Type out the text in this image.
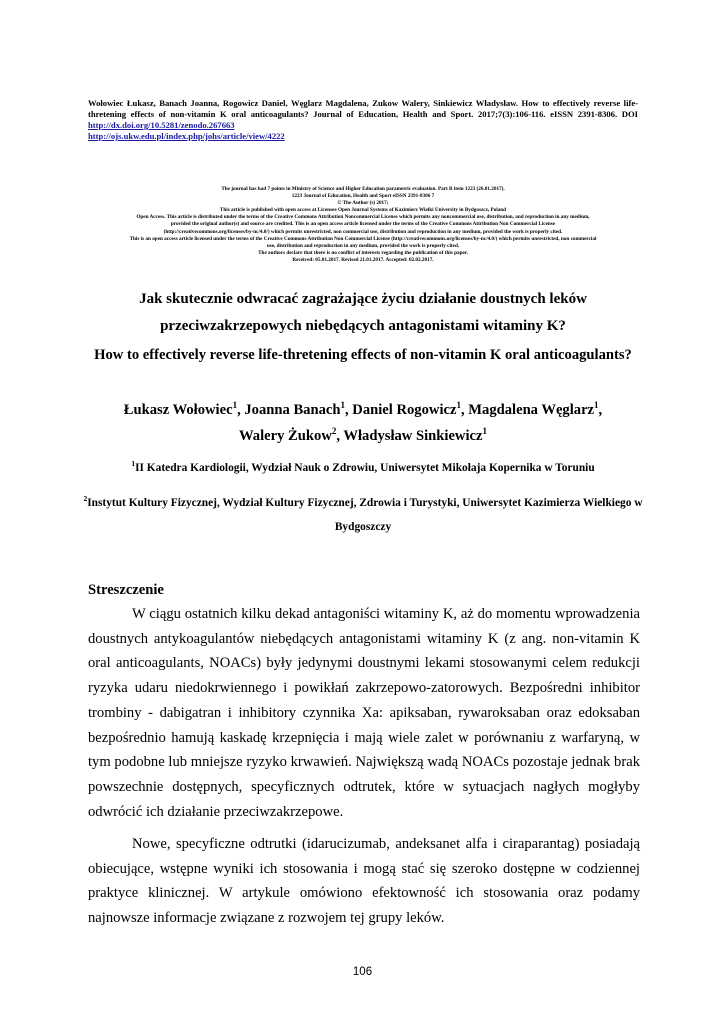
Wołowiec Łukasz, Banach Joanna, Rogowicz Daniel, Węglarz Magdalena, Zukow Walery, Sinkiewicz Władysław. How to effectively reverse life-thretening effects of non-vitamin K oral anticoagulants? Journal of Education, Health and Sport. 2017;7(3):106-116. eISSN 2391-8306. DOI http://dx.doi.org/10.5281/zenodo.267663
http://ojs.ukw.edu.pl/index.php/johs/article/view/4222
The journal has had 7 points in Ministry of Science and Higher Education parametric evaluation. Part B item 1223 (26.01.2017).
1223 Journal of Education, Health and Sport eISSN 2391-8306 7
© The Author (s) 2017;
This article is published with open access at Licensee Open Journal Systems of Kazimierz Wielki University in Bydgoszcz, Poland
Open Access. This article is distributed under the terms of the Creative Commons Attribution Noncommercial License which permits any noncommercial use, distribution, and reproduction in any medium,
provided the original author(s) and source are credited. This is an open access article licensed under the terms of the Creative Commons Attribution Non Commercial License
(http://creativecommons.org/licenses/by-nc/4.0/) which permits unrestricted, non commercial use, distribution and reproduction in any medium, provided the work is properly cited.
This is an open access article licensed under the terms of the Creative Commons Attribution Non Commercial License (http://creativecommons.org/licenses/by-nc/4.0/) which permits unrestricted, non commercial
use, distribution and reproduction in any medium, provided the work is properly cited.
The authors declare that there is no conflict of interests regarding the publication of this paper.
Received: 05.01.2017. Revised 21.01.2017. Accepted: 02.02.2017.
Jak skutecznie odwracać zagrażające życiu działanie doustnych leków przeciwzakrzepowych niebędących antagonistami witaminy K?
How to effectively reverse life-thretening effects of non-vitamin K oral anticoagulants?
Łukasz Wołowiec$^1$, Joanna Banach$^1$, Daniel Rogowicz$^1$, Magdalena Węglarz$^1$,
Walery Żukow$^2$, Władysław Sinkiewicz$^1$
$^1$II Katedra Kardiologii, Wydział Nauk o Zdrowiu, Uniwersytet Mikołaja Kopernika w Toruniu
$^2$Instytut Kultury Fizycznej, Wydział Kultury Fizycznej, Zdrowia i Turystyki, Uniwersytet Kazimierza Wielkiego w Bydgoszczy
Streszczenie
W ciągu ostatnich kilku dekad antagoniści witaminy K, aż do momentu wprowadzenia doustnych antykoagulantów niebędących antagonistami witaminy K (z ang. non-vitamin K oral anticoagulants, NOACs) były jedynymi doustnymi lekami stosowanymi celem redukcji ryzyka udaru niedokrwiennego i powikłań zakrzepowo-zatorowych. Bezpośredni inhibitor trombiny - dabigatran i inhibitory czynnika Xa: apiksaban, rywaroksaban oraz edoksaban bezpośrednio hamują kaskadę krzepnięcia i mają wiele zalet w porównaniu z warfaryną, w tym podobne lub mniejsze ryzyko krwawień. Największą wadą NOACs pozostaje jednak brak powszechnie dostępnych, specyficznych odtrutek, które w sytuacjach nagłych mogłyby odwrócić ich działanie przeciwzakrzepowe.
Nowe, specyficzne odtrutki (idarucizumab, andeksanet alfa i ciraparantag) posiadają obiecujące, wstępne wyniki ich stosowania i mogą stać się szeroko dostępne w codziennej praktyce klinicznej. W artykule omówiono efektowność ich stosowania oraz podamy najnowsze informacje związane z rozwojem tej grupy leków.
106
